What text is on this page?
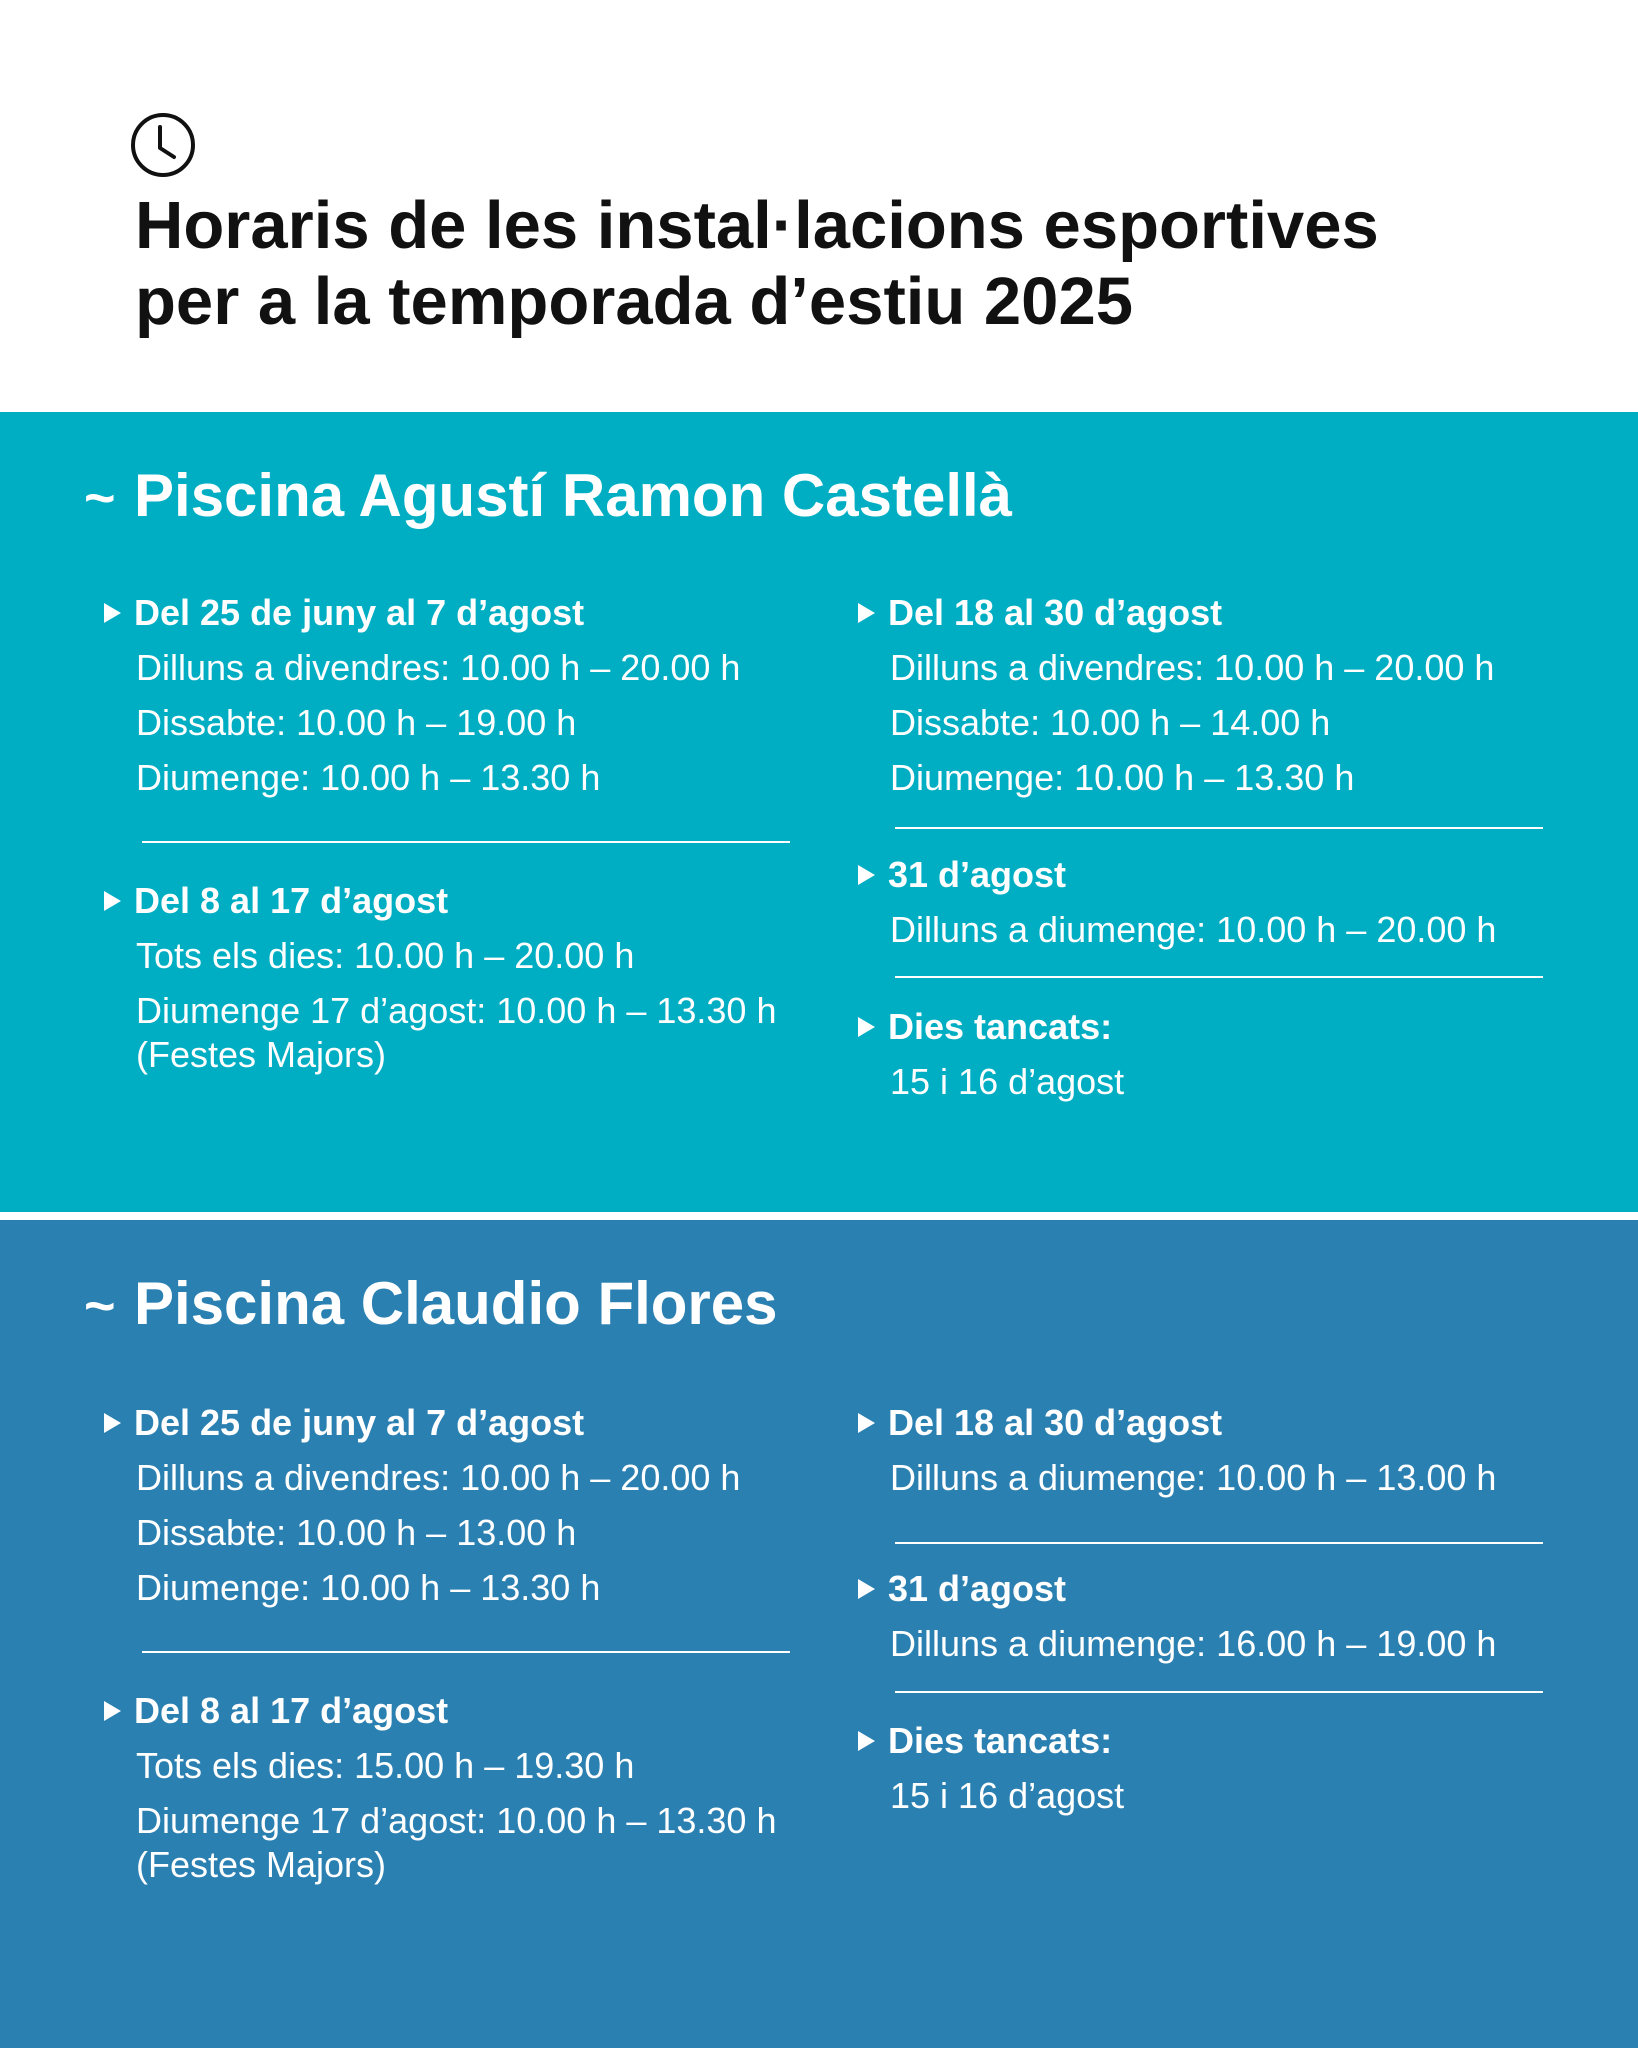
Horaris de les instal·lacions esportives
per a la temporada d’estiu 2025
~ Piscina Agustí Ramon Castellà
Del 25 de juny al 7 d’agost
Dilluns a divendres: 10.00 h – 20.00 h
Dissabte: 10.00 h – 19.00 h
Diumenge: 10.00 h – 13.30 h
Del 8 al 17 d’agost
Tots els dies: 10.00 h – 20.00 h
Diumenge 17 d’agost: 10.00 h – 13.30 h
(Festes Majors)
Del 18 al 30 d’agost
Dilluns a divendres: 10.00 h – 20.00 h
Dissabte: 10.00 h – 14.00 h
Diumenge: 10.00 h – 13.30 h
31 d’agost
Dilluns a diumenge: 10.00 h – 20.00 h
Dies tancats:
15 i 16 d’agost
~ Piscina Claudio Flores
Del 25 de juny al 7 d’agost
Dilluns a divendres: 10.00 h – 20.00 h
Dissabte: 10.00 h – 13.00 h
Diumenge: 10.00 h – 13.30 h
Del 8 al 17 d’agost
Tots els dies: 15.00 h – 19.30 h
Diumenge 17 d’agost: 10.00 h – 13.30 h
(Festes Majors)
Del 18 al 30 d’agost
Dilluns a diumenge: 10.00 h – 13.00 h
31 d’agost
Dilluns a diumenge: 16.00 h – 19.00 h
Dies tancats:
15 i 16 d’agost
